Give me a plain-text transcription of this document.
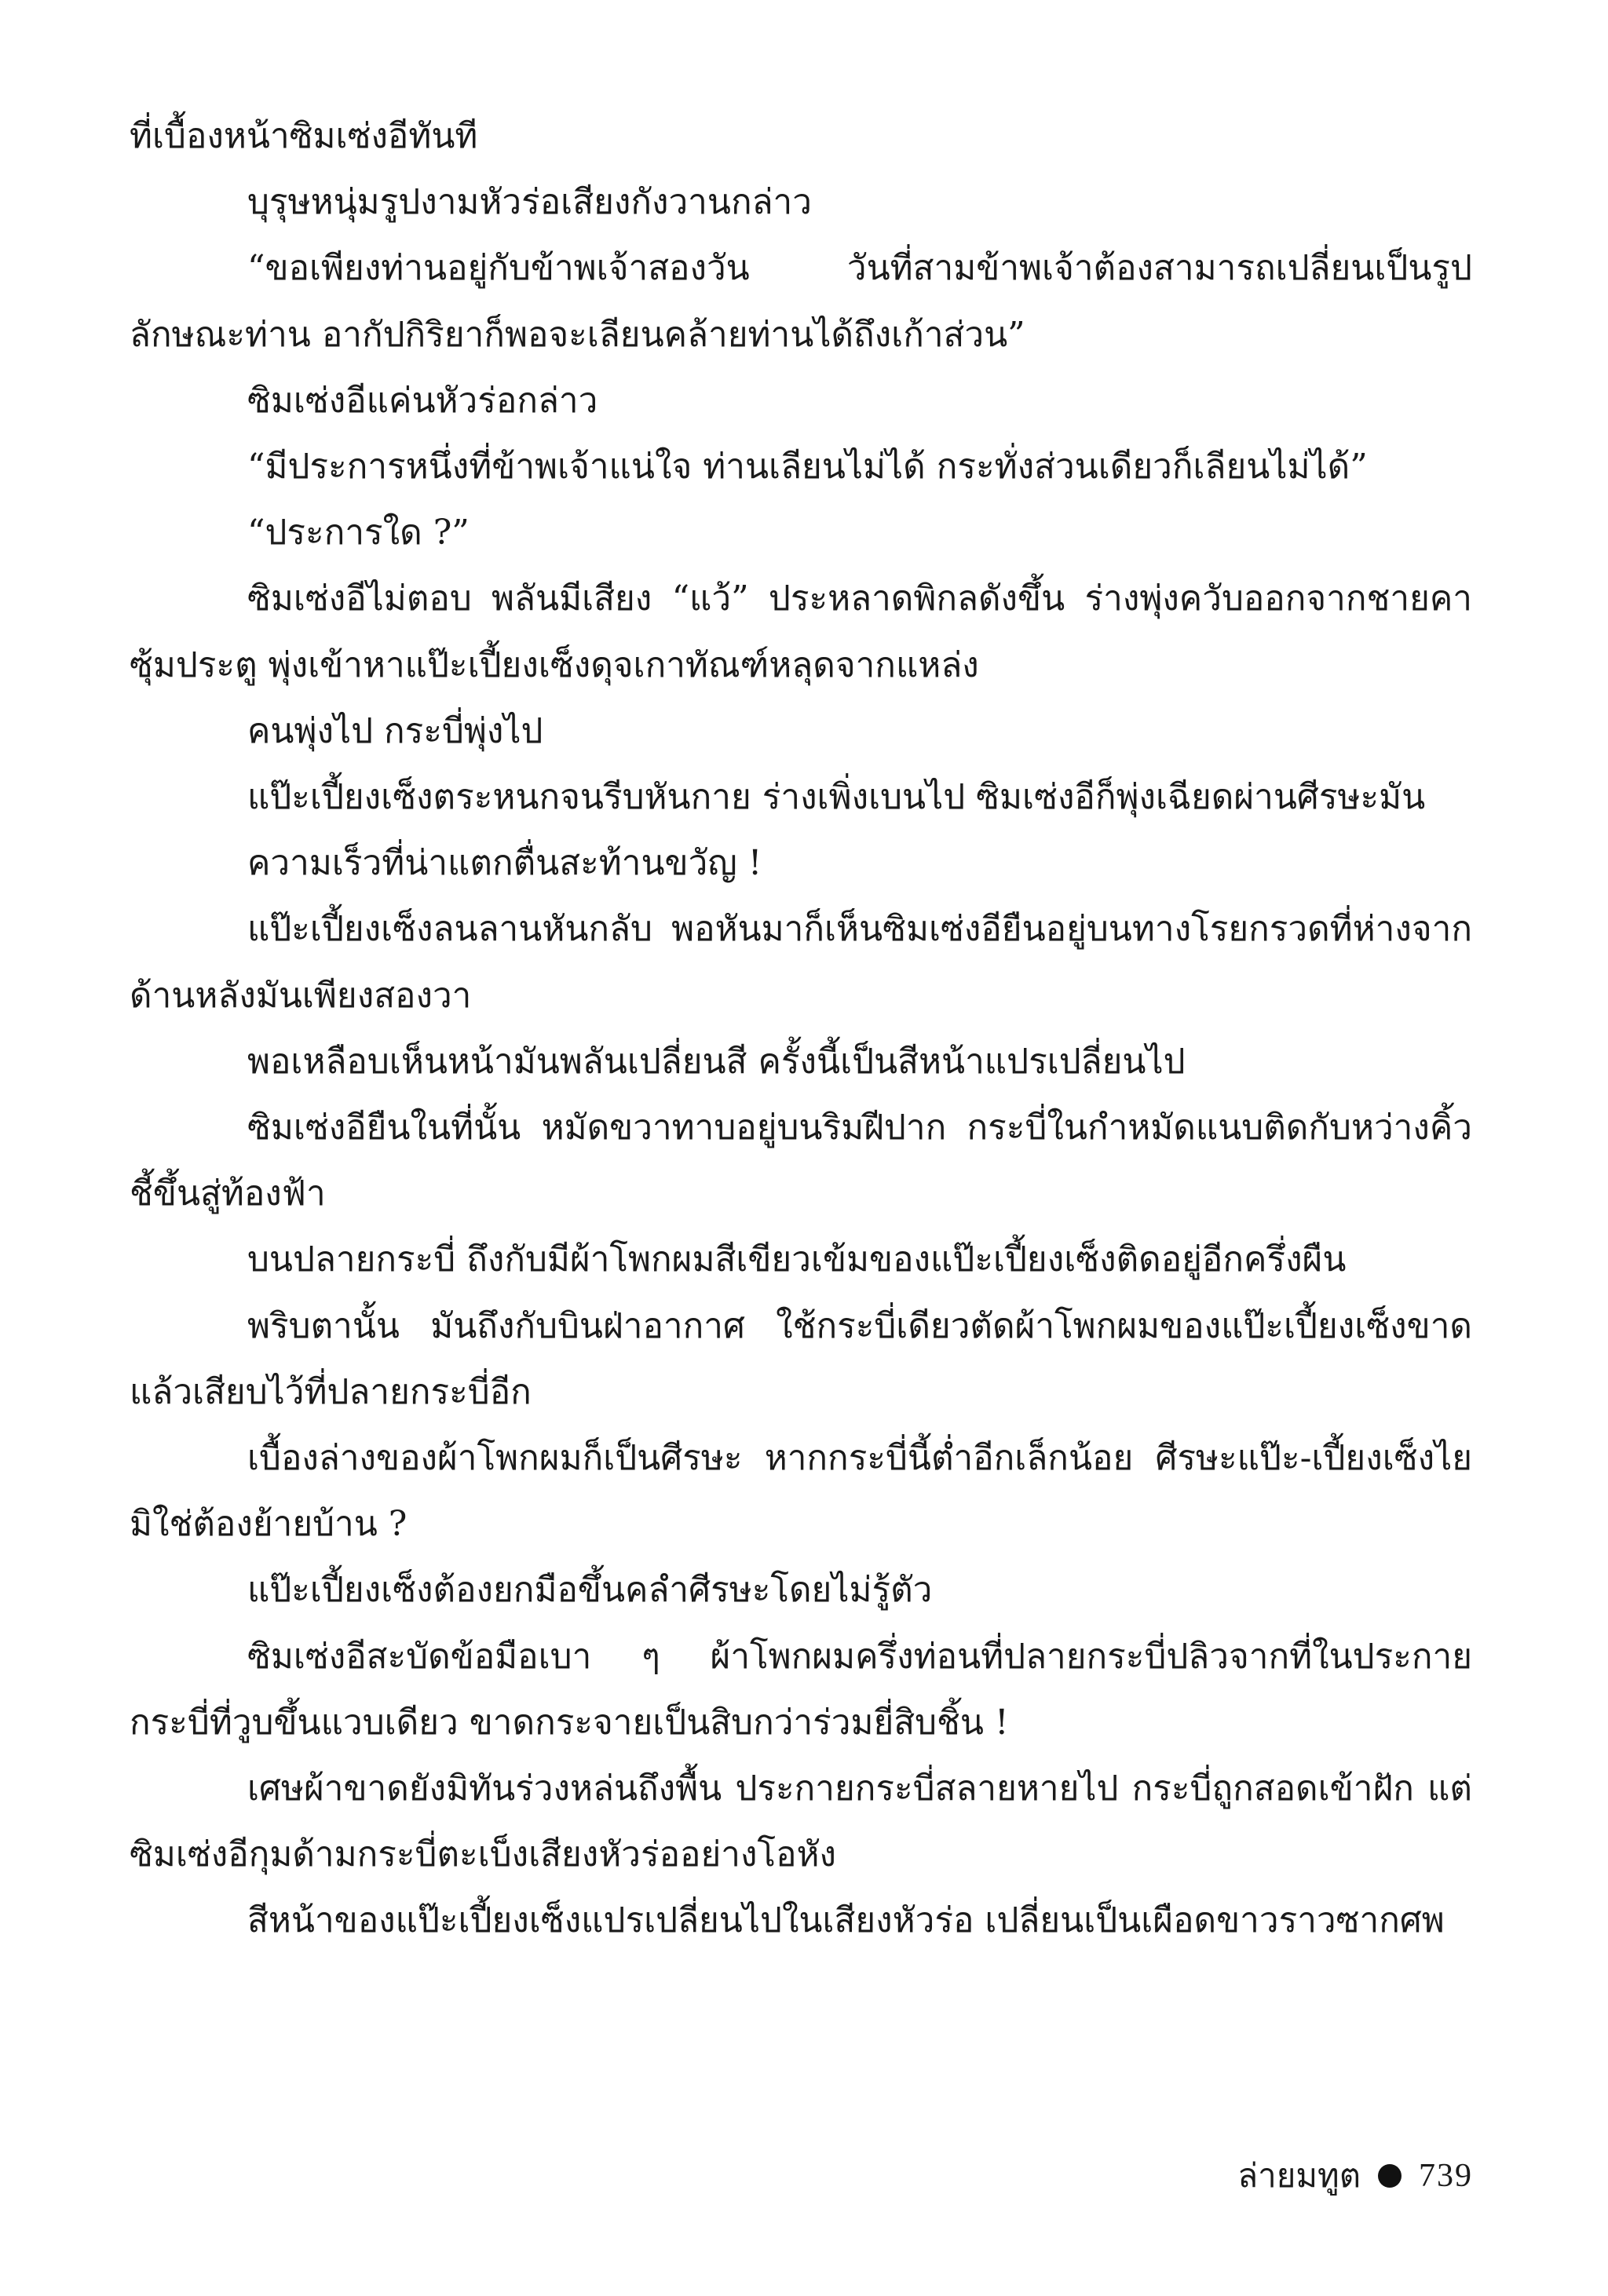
ที่เบื้องหน้าซิมเซ่งอีทันที

บุรุษหนุ่มรูปงามหัวร่อเสียงกังวานกล่าว

“ขอเพียงท่านอยู่กับข้าพเจ้าสองวัน วันที่สามข้าพเจ้าต้องสามารถเปลี่ยนเป็นรูปลักษณะท่าน อากัปกิริยาก็พอจะเลียนคล้ายท่านได้ถึงเก้าส่วน”

ซิมเซ่งอีแค่นหัวร่อกล่าว

“มีประการหนึ่งที่ข้าพเจ้าแน่ใจ ท่านเลียนไม่ได้ กระทั่งส่วนเดียวก็เลียนไม่ได้”

“ประการใด ?”

ซิมเซ่งอีไม่ตอบ พลันมีเสียง “แว้” ประหลาดพิกลดังขึ้น ร่างพุ่งควับออกจากชายคาซุ้มประตู พุ่งเข้าหาแป๊ะเปี้ยงเซ็งดุจเกาทัณฑ์หลุดจากแหล่ง

คนพุ่งไป กระบี่พุ่งไป

แป๊ะเปี้ยงเซ็งตระหนกจนรีบหันกาย ร่างเพิ่งเบนไป ซิมเซ่งอีก็พุ่งเฉียดผ่านศีรษะมัน

ความเร็วที่น่าแตกตื่นสะท้านขวัญ !

แป๊ะเปี้ยงเซ็งลนลานหันกลับ พอหันมาก็เห็นซิมเซ่งอียืนอยู่บนทางโรยกรวดที่ห่างจากด้านหลังมันเพียงสองวา

พอเหลือบเห็นหน้ามันพลันเปลี่ยนสี ครั้งนี้เป็นสีหน้าแปรเปลี่ยนไป

ซิมเซ่งอียืนในที่นั้น หมัดขวาทาบอยู่บนริมฝีปาก กระบี่ในกำหมัดแนบติดกับหว่างคิ้ว ชี้ขึ้นสู่ท้องฟ้า

บนปลายกระบี่ ถึงกับมีผ้าโพกผมสีเขียวเข้มของแป๊ะเปี้ยงเซ็งติดอยู่อีกครึ่งผืน

พริบตานั้น มันถึงกับบินฝ่าอากาศ ใช้กระบี่เดียวตัดผ้าโพกผมของแป๊ะเปี้ยงเซ็งขาด แล้วเสียบไว้ที่ปลายกระบี่อีก

เบื้องล่างของผ้าโพกผมก็เป็นศีรษะ หากกระบี่นี้ต่ำอีกเล็กน้อย ศีรษะแป๊ะ-เปี้ยงเซ็งไยมิใช่ต้องย้ายบ้าน ?

แป๊ะเปี้ยงเซ็งต้องยกมือขึ้นคลำศีรษะโดยไม่รู้ตัว

ซิมเซ่งอีสะบัดข้อมือเบา ๆ ผ้าโพกผมครึ่งท่อนที่ปลายกระบี่ปลิวจากที่ในประกายกระบี่ที่วูบขึ้นแวบเดียว ขาดกระจายเป็นสิบกว่าร่วมยี่สิบชิ้น !

เศษผ้าขาดยังมิทันร่วงหล่นถึงพื้น ประกายกระบี่สลายหายไป กระบี่ถูกสอดเข้าฝัก แต่ซิมเซ่งอีกุมด้ามกระบี่ตะเบ็งเสียงหัวร่ออย่างโอหัง

สีหน้าของแป๊ะเปี้ยงเซ็งแปรเปลี่ยนไปในเสียงหัวร่อ เปลี่ยนเป็นเผือดขาวราวซากศพ

ล่ายมทูต 739
